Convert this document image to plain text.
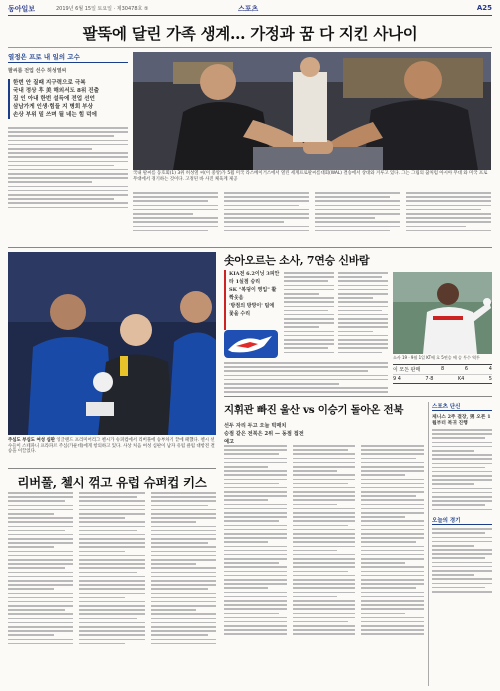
동아일보	2019년 6월 15일 토요일 · 제30478호 ⑤	스포츠	A25
팔뚝에 달린 가족 생계… 가정과 꿈 다 지킨 사나이
열정은 프로 내 일의 고수
팔씨름 전업 선수 허성열씨
한번 안 질때 지구력으로 극복
국내 정상 후 美 해외서도 8위 진출
집 인 아내 한번 설득에 전업 선언
삼남가게 인생·힘들 지 병회 부상
손상 부위 밑 쓰며 될 네는 힘 덕에
국내 팔씨름 동호회(1) 3위 허성열 씨(이 중앙)가 5월 미국 라스베이거스에서 열린 세계프로팔씨름대회(WAL) 결승에서 상대와 겨루고 있다. 그는 그림의 꿈처럼 아시아 무대 와 미국 프로 무대에서 경기하는 것이다. 고정된 바 사진 체육계 제공
주심도 부심도 여성 심판 잉글랜드 프리미어리그 첼시가 슈퍼컵에서 리버풀에 승부차기 끝에 패했다. 첼시 선수들이 스테파니 프라파르 주심(가운데)에게 항의하고 있다. 사상 처음 여성 심판이 남자 유럽 클럽 대항전 결승을 이끌었다.
솟아오르는 소사, 7연승 신바람
KIA전 6.2이닝 3피안타 1실점 승리
SK "복덩이 영입" 활짝웃음
'방점의 방망이' 팀에 꽃을 수리
소사 19 · 9월 1일 KT에 호 5연승 에 승 투수 역투
이 모든 판매	8	6	4
9 4	7·8	K4	5
지휘관 빠진 울산 vs 이승기 돌아온 전북
선두 자리 두고 오늘 빅매치
승점 같은 전북은 2위 — 동점 접전 예고
스포츠 단신
제니스 2주 결장, 男 오픈 1월부터 복귀 진행
오늘의 경기
리버풀, 첼시 꺾고 유럽 슈퍼컵 키스
